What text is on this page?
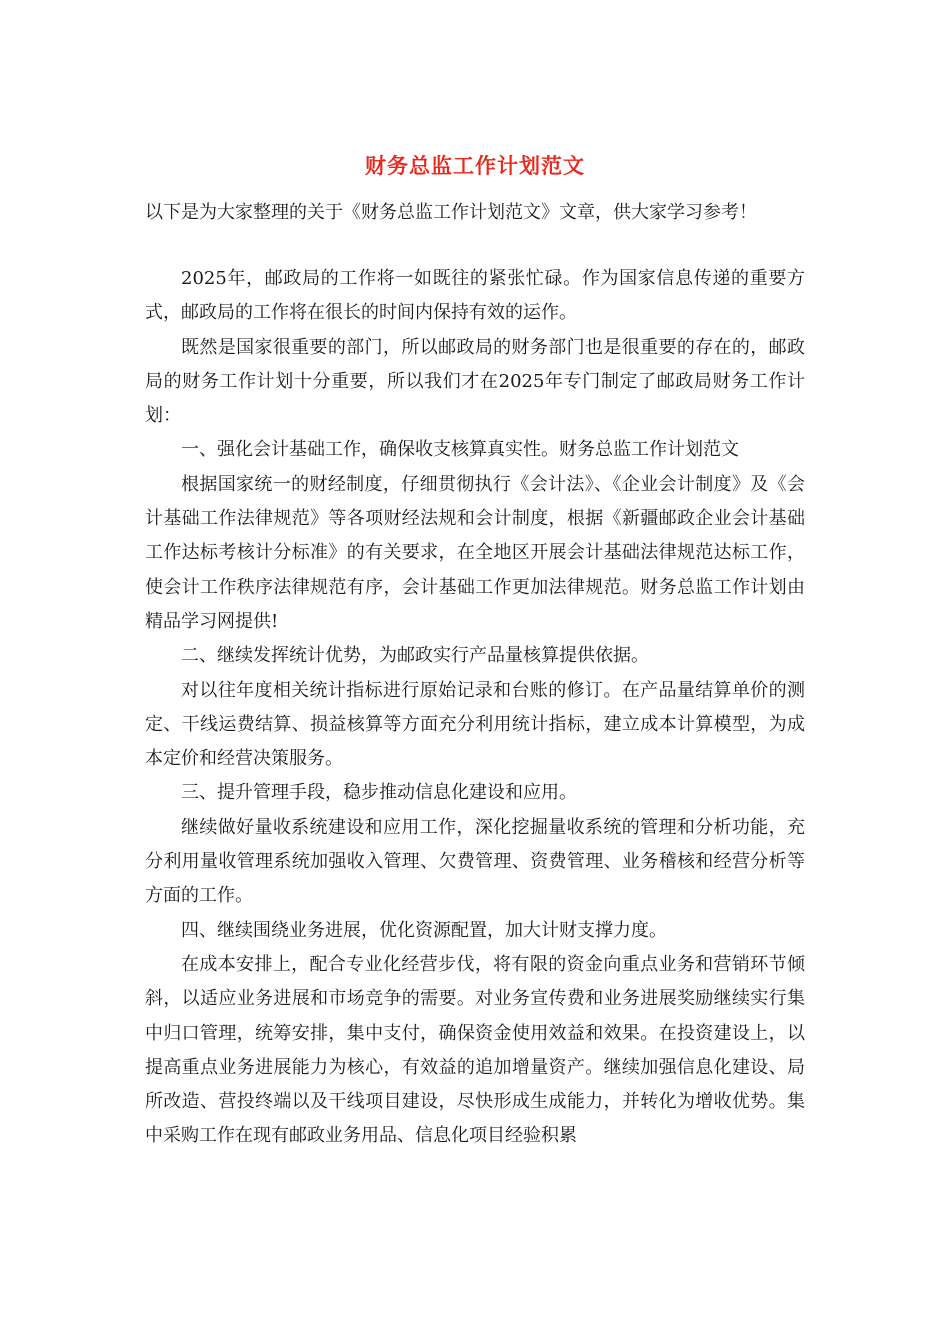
财务总监工作计划范文
以下是为大家整理的关于《财务总监工作计划范文》文章，供大家学习参考！

2025年，邮政局的工作将一如既往的紧张忙碌。作为国家信息传递的重要方式，邮政局的工作将在很长的时间内保持有效的运作。

既然是国家很重要的部门，所以邮政局的财务部门也是很重要的存在的，邮政局的财务工作计划十分重要，所以我们才在2025年专门制定了邮政局财务工作计划：

一、强化会计基础工作，确保收支核算真实性。财务总监工作计划范文

根据国家统一的财经制度，仔细贯彻执行《会计法》、《企业会计制度》及《会计基础工作法律规范》等各项财经法规和会计制度，根据《新疆邮政企业会计基础工作达标考核计分标准》的有关要求，在全地区开展会计基础法律规范达标工作，使会计工作秩序法律规范有序，会计基础工作更加法律规范。财务总监工作计划由精品学习网提供!

二、继续发挥统计优势，为邮政实行产品量核算提供依据。

对以往年度相关统计指标进行原始记录和台账的修订。在产品量结算单价的测定、干线运费结算、损益核算等方面充分利用统计指标，建立成本计算模型，为成本定价和经营决策服务。

三、提升管理手段，稳步推动信息化建设和应用。

继续做好量收系统建设和应用工作，深化挖掘量收系统的管理和分析功能，充分利用量收管理系统加强收入管理、欠费管理、资费管理、业务稽核和经营分析等方面的工作。

四、继续围绕业务进展，优化资源配置，加大计财支撑力度。

在成本安排上，配合专业化经营步伐，将有限的资金向重点业务和营销环节倾斜，以适应业务进展和市场竞争的需要。对业务宣传费和业务进展奖励继续实行集中归口管理，统筹安排，集中支付，确保资金使用效益和效果。在投资建设上，以提高重点业务进展能力为核心，有效益的追加增量资产。继续加强信息化建设、局所改造、营投终端以及干线项目建设，尽快形成生成能力，并转化为增收优势。集中采购工作在现有邮政业务用品、信息化项目经验积累
